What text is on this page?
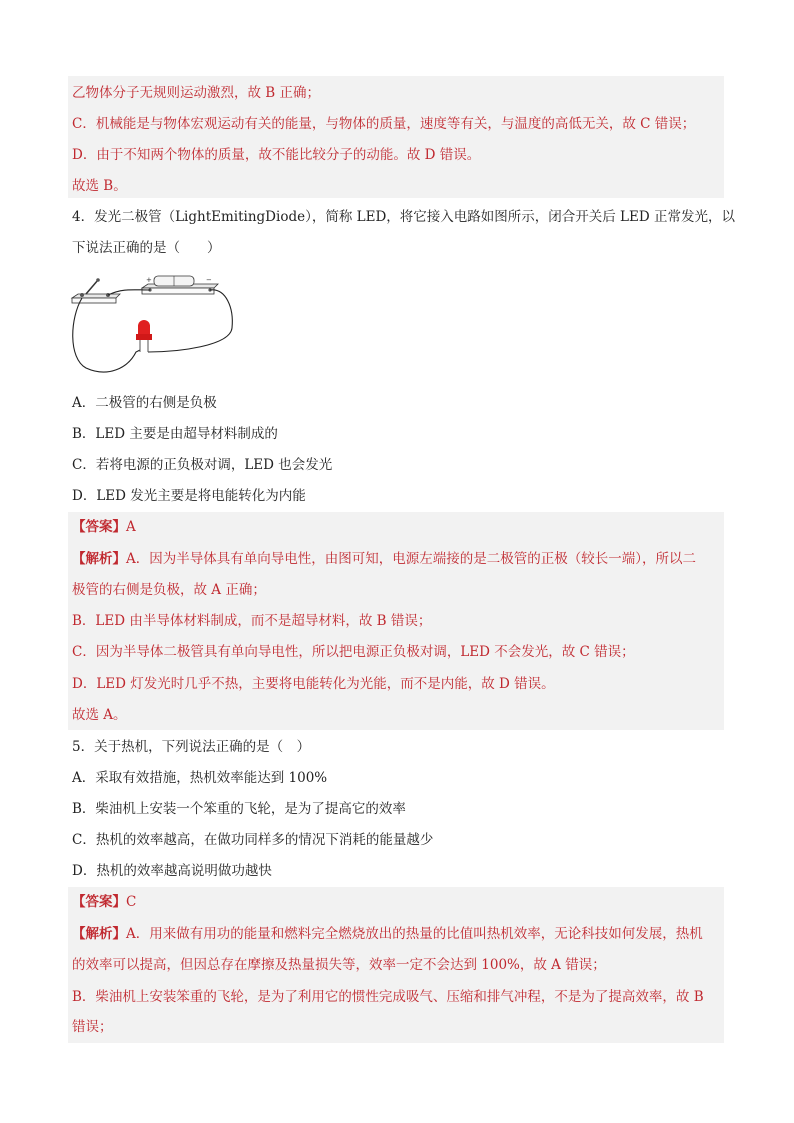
乙物体分子无规则运动激烈，故 B 正确；
C．机械能是与物体宏观运动有关的能量，与物体的质量，速度等有关，与温度的高低无关，故 C 错误；
D．由于不知两个物体的质量，故不能比较分子的动能。故 D 错误。
故选 B。
4．发光二极管（LightEmitingDiode），简称 LED，将它接入电路如图所示，闭合开关后 LED 正常发光，以
下说法正确的是（　　）
+	−
A．二极管的右侧是负极
B．LED 主要是由超导材料制成的
C．若将电源的正负极对调，LED 也会发光
D．LED 发光主要是将电能转化为内能
【答案】A
【解析】A．因为半导体具有单向导电性，由图可知，电源左端接的是二极管的正极（较长一端），所以二
极管的右侧是负极，故 A 正确；
B．LED 由半导体材料制成，而不是超导材料，故 B 错误；
C．因为半导体二极管具有单向导电性，所以把电源正负极对调，LED 不会发光，故 C 错误；
D．LED 灯发光时几乎不热，主要将电能转化为光能，而不是内能，故 D 错误。
故选 A。
5．关于热机，下列说法正确的是（　）
A．采取有效措施，热机效率能达到 100%
B．柴油机上安装一个笨重的飞轮，是为了提高它的效率
C．热机的效率越高，在做功同样多的情况下消耗的能量越少
D．热机的效率越高说明做功越快
【答案】C
【解析】A．用来做有用功的能量和燃料完全燃烧放出的热量的比值叫热机效率，无论科技如何发展，热机
的效率可以提高，但因总存在摩擦及热量损失等，效率一定不会达到 100%，故 A 错误；
B．柴油机上安装笨重的飞轮，是为了利用它的惯性完成吸气、压缩和排气冲程，不是为了提高效率，故 B
错误；
